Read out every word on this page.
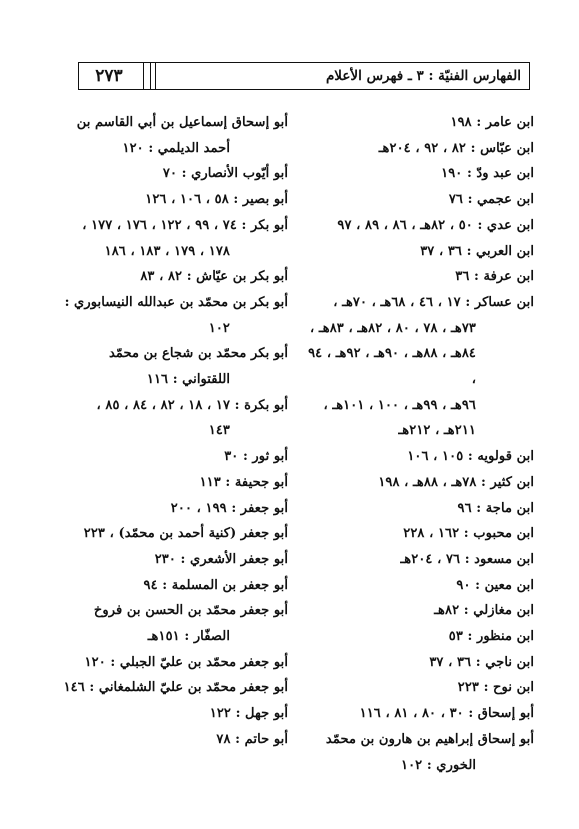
٢٧٣	الفهارس الفنيّة : ٣ ـ فهرس الأعلام
ابن عامر : ١٩٨
ابن عبّاس : ٨٢ ، ٩٢ ، ٢٠٤هـ
ابن عبد ودّ : ١٩٠
ابن عجمي : ٧٦
ابن عدي : ٥٠ ، ٨٢هـ ، ٨٦ ، ٨٩ ، ٩٧
ابن العربي : ٣٦ ، ٣٧
ابن عرفة : ٣٦
ابن عساكر : ١٧ ، ٤٦ ، ٦٨هـ ، ٧٠هـ ،
٧٣هـ ، ٧٨ ، ٨٠ ، ٨٢هـ ، ٨٣هـ ،
٨٤هـ ، ٨٨هـ ، ٩٠هـ ، ٩٢هـ ، ٩٤ ،
٩٦هـ ، ٩٩هـ ، ١٠٠ ، ١٠١هـ ،
٢١١هـ ، ٢١٢هـ
ابن قولويه : ١٠٥ ، ١٠٦
ابن كثير : ٧٨هـ ، ٨٨هـ ، ١٩٨
ابن ماجة : ٩٦
ابن محبوب : ١٦٢ ، ٢٢٨
ابن مسعود : ٧٦ ، ٢٠٤هـ
ابن معين : ٩٠
ابن مغازلي : ٨٢هـ
ابن منظور : ٥٣
ابن ناجي : ٣٦ ، ٣٧
ابن نوح : ٢٢٣
أبو إسحاق : ٣٠ ، ٨٠ ، ٨١ ، ١١٦
أبو إسحاق إبراهيم بن هارون بن محمّد
الخوري : ١٠٢
أبو إسحاق إسماعيل بن أبي القاسم بن
أحمد الديلمي : ١٢٠
أبو أيّوب الأنصاري : ٧٠
أبو بصير : ٥٨ ، ١٠٦ ، ١٢٦
أبو بكر : ٧٤ ، ٩٩ ، ١٢٢ ، ١٧٦ ، ١٧٧ ،
١٧٨ ، ١٧٩ ، ١٨٣ ، ١٨٦
أبو بكر بن عيّاش : ٨٢ ، ٨٣
أبو بكر بن محمّد بن عبدالله النيسابوري :
١٠٢
أبو بكر محمّد بن شجاع بن محمّد
اللقتواني : ١١٦
أبو بكرة : ١٧ ، ١٨ ، ٨٢ ، ٨٤ ، ٨٥ ،
١٤٣
أبو ثور : ٣٠
أبو جحيفة : ١١٣
أبو جعفر : ١٩٩ ، ٢٠٠
أبو جعفر (كنية أحمد بن محمّد) ، ٢٢٣
أبو جعفر الأشعري : ٢٣٠
أبو جعفر بن المسلمة : ٩٤
أبو جعفر محمّد بن الحسن بن فروخ
الصفّار : ١٥١هـ
أبو جعفر محمّد بن عليّ الجبلي : ١٢٠
أبو جعفر محمّد بن عليّ الشلمغاني : ١٤٦
أبو جهل : ١٢٢
أبو حاتم : ٧٨
